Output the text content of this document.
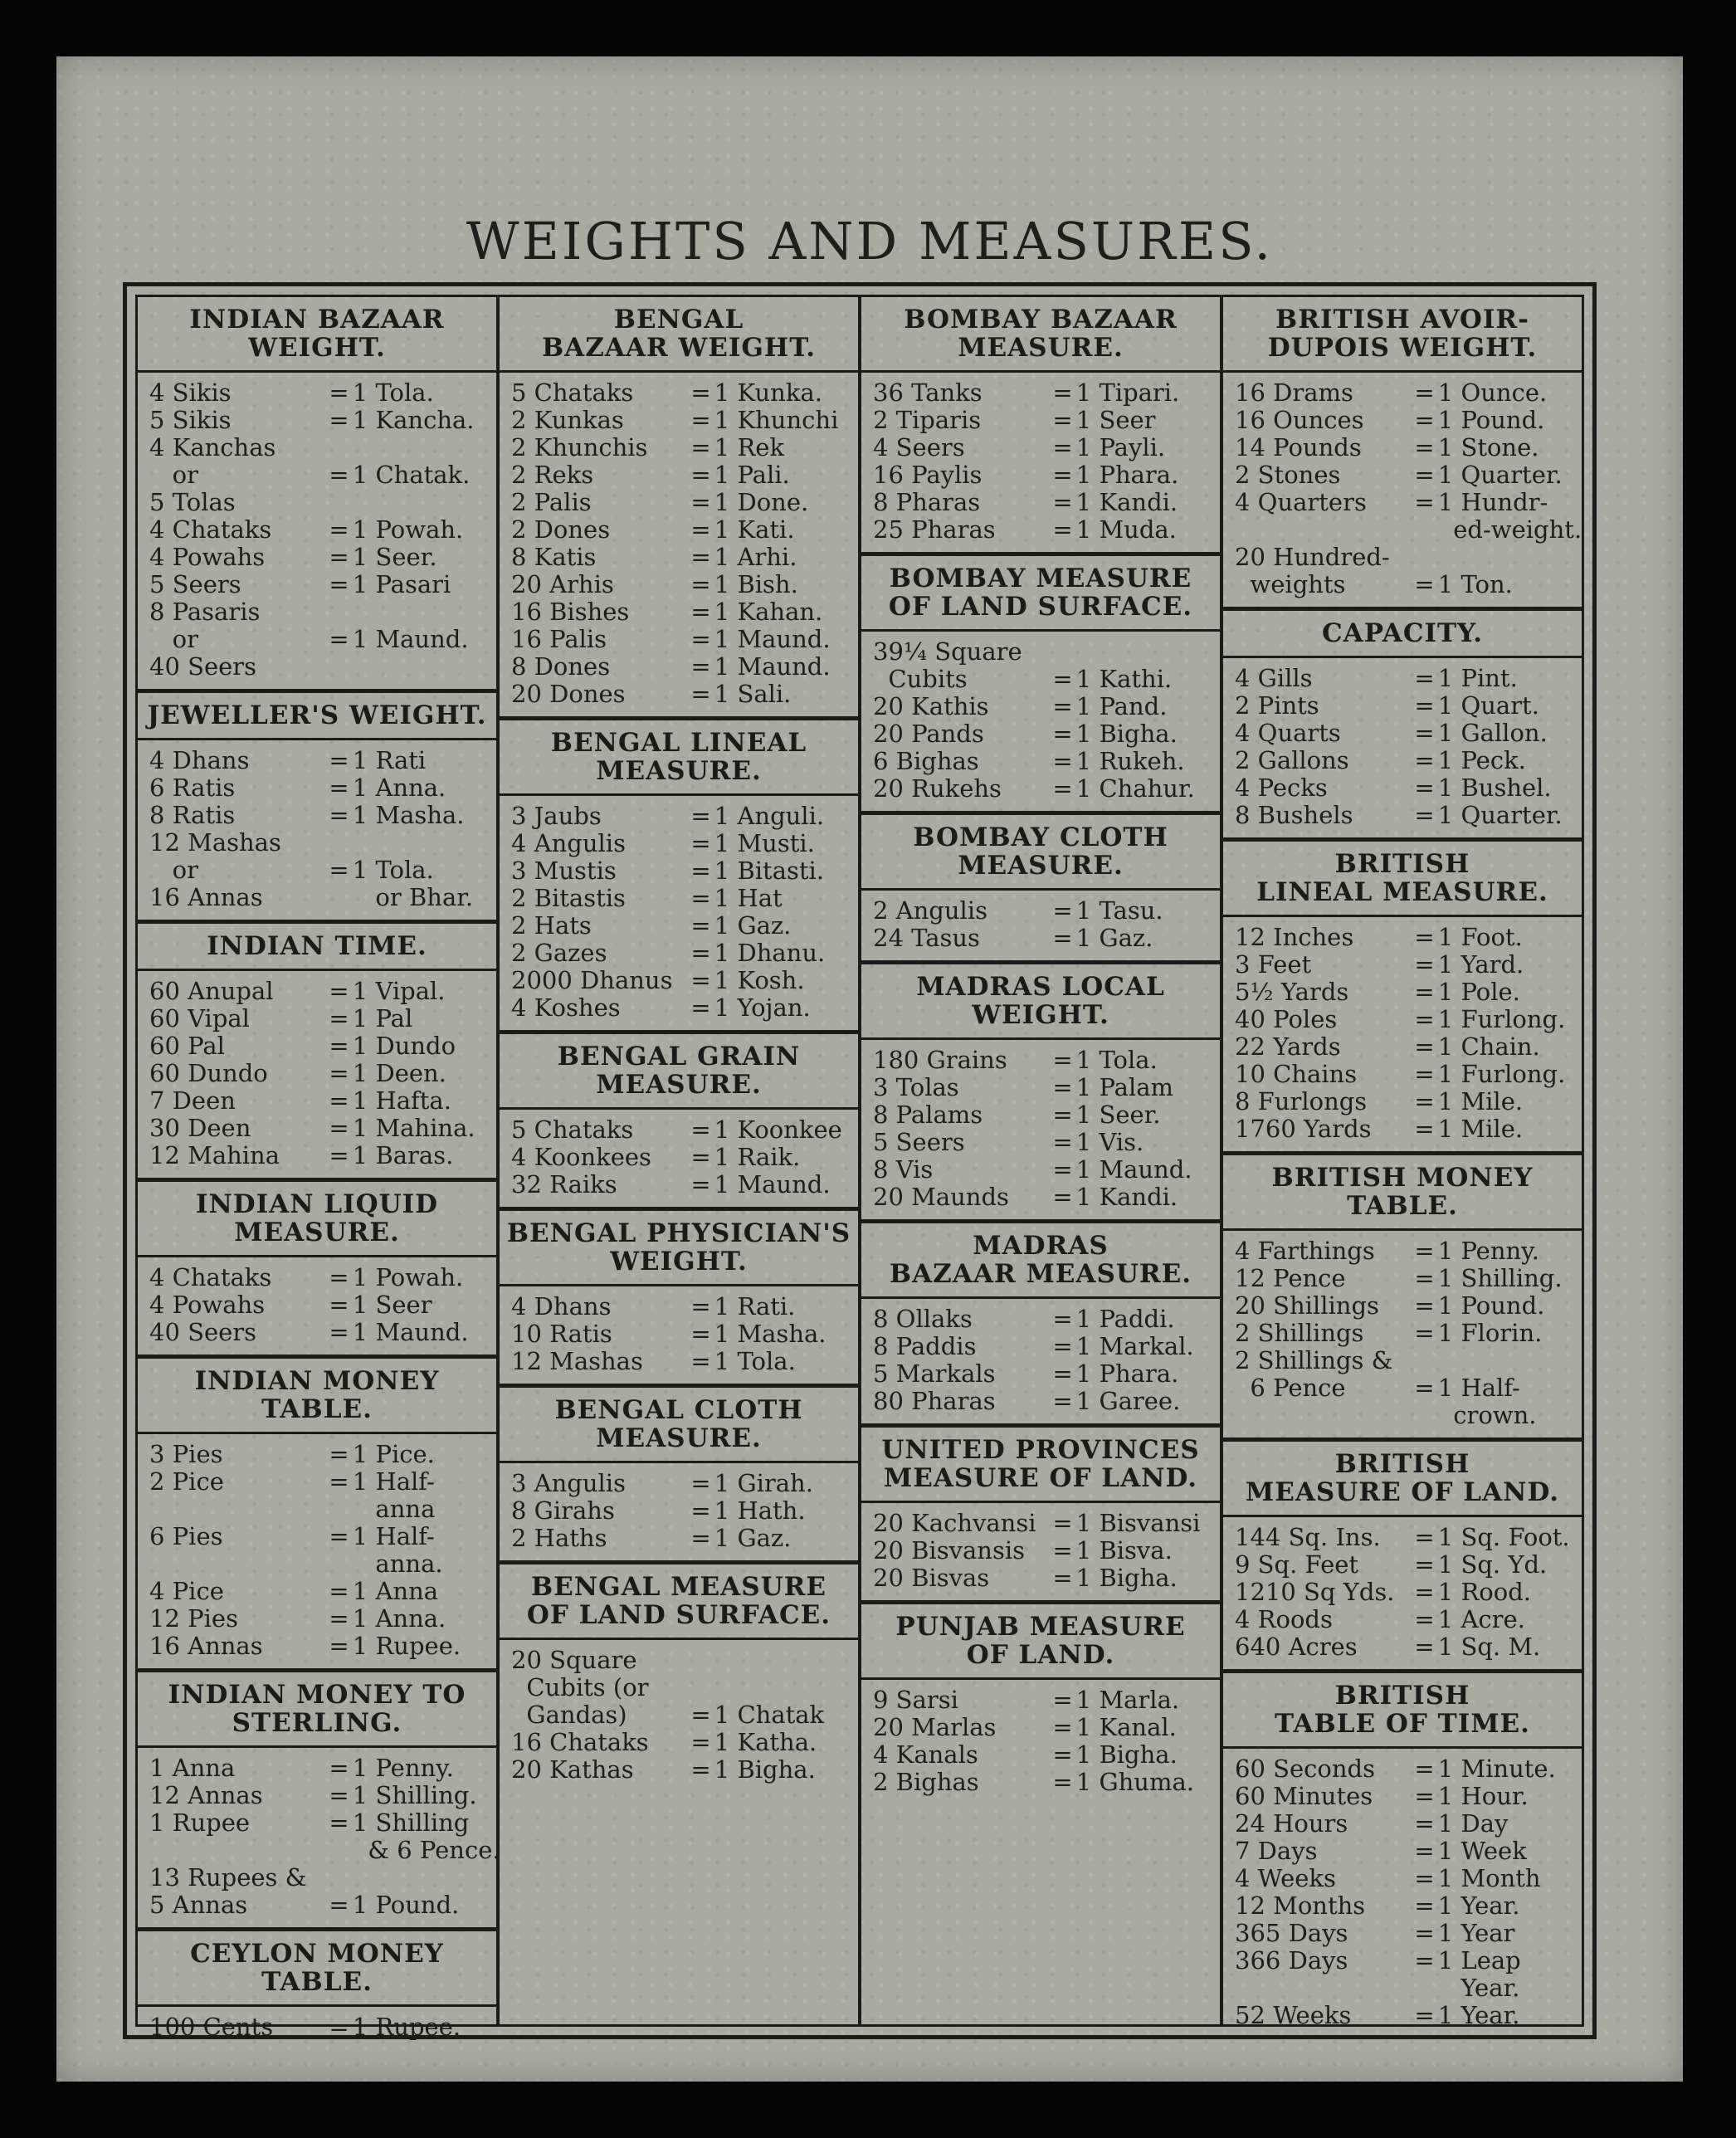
WEIGHTS AND MEASURES.
INDIAN BAZAAR
WEIGHT.
4 Sikis	= 1 Tola.
5 Sikis	= 1 Kancha.
4 Kanchas
or	= 1 Chatak.
5 Tolas
4 Chataks	= 1 Powah.
4 Powahs	= 1 Seer.
5 Seers	= 1 Pasari
8 Pasaris
or	= 1 Maund.
40 Seers
JEWELLER'S WEIGHT.
4 Dhans	= 1 Rati
6 Ratis	= 1 Anna.
8 Ratis	= 1 Masha.
12 Mashas
or	= 1 Tola.
16 Annas	or Bhar.
INDIAN TIME.
60 Anupal	= 1 Vipal.
60 Vipal	= 1 Pal
60 Pal	= 1 Dundo
60 Dundo	= 1 Deen.
7 Deen	= 1 Hafta.
30 Deen	= 1 Mahina.
12 Mahina	= 1 Baras.
INDIAN LIQUID
MEASURE.
4 Chataks	= 1 Powah.
4 Powahs	= 1 Seer
40 Seers	= 1 Maund.
INDIAN MONEY
TABLE.
3 Pies	= 1 Pice.
2 Pice	= 1 Half-
anna
6 Pies	= 1 Half-
anna.
4 Pice	= 1 Anna
12 Pies	= 1 Anna.
16 Annas	= 1 Rupee.
INDIAN MONEY TO
STERLING.
1 Anna	= 1 Penny.
12 Annas	= 1 Shilling.
1 Rupee	= 1 Shilling
& 6 Pence.
13 Rupees &
5 Annas	= 1 Pound.
CEYLON MONEY
TABLE.
100 Cents	= 1 Rupee.
BENGAL
BAZAAR WEIGHT.
5 Chataks	= 1 Kunka.
2 Kunkas	= 1 Khunchi
2 Khunchis	= 1 Rek
2 Reks	= 1 Pali.
2 Palis	= 1 Done.
2 Dones	= 1 Kati.
8 Katis	= 1 Arhi.
20 Arhis	= 1 Bish.
16 Bishes	= 1 Kahan.
16 Palis	= 1 Maund.
8 Dones	= 1 Maund.
20 Dones	= 1 Sali.
BENGAL LINEAL
MEASURE.
3 Jaubs	= 1 Anguli.
4 Angulis	= 1 Musti.
3 Mustis	= 1 Bitasti.
2 Bitastis	= 1 Hat
2 Hats	= 1 Gaz.
2 Gazes	= 1 Dhanu.
2000 Dhanus = 1 Kosh.
4 Koshes	= 1 Yojan.
BENGAL GRAIN
MEASURE.
5 Chataks	= 1 Koonkee
4 Koonkees	= 1 Raik.
32 Raiks	= 1 Maund.
BENGAL PHYSICIAN'S
WEIGHT.
4 Dhans	= 1 Rati.
10 Ratis	= 1 Masha.
12 Mashas	= 1 Tola.
BENGAL CLOTH
MEASURE.
3 Angulis	= 1 Girah.
8 Girahs	= 1 Hath.
2 Haths	= 1 Gaz.
BENGAL MEASURE
OF LAND SURFACE.
20 Square
Cubits (or
Gandas)	= 1 Chatak
16 Chataks	= 1 Katha.
20 Kathas	= 1 Bigha.
BOMBAY BAZAAR
MEASURE.
36 Tanks	= 1 Tipari.
2 Tiparis	= 1 Seer
4 Seers	= 1 Payli.
16 Paylis	= 1 Phara.
8 Pharas	= 1 Kandi.
25 Pharas	= 1 Muda.
BOMBAY MEASURE
OF LAND SURFACE.
39¼ Square
Cubits	= 1 Kathi.
20 Kathis	= 1 Pand.
20 Pands	= 1 Bigha.
6 Bighas	= 1 Rukeh.
20 Rukehs	= 1 Chahur.
BOMBAY CLOTH
MEASURE.
2 Angulis	= 1 Tasu.
24 Tasus	= 1 Gaz.
MADRAS LOCAL
WEIGHT.
180 Grains	= 1 Tola.
3 Tolas	= 1 Palam
8 Palams	= 1 Seer.
5 Seers	= 1 Vis.
8 Vis	= 1 Maund.
20 Maunds	= 1 Kandi.
MADRAS
BAZAAR MEASURE.
8 Ollaks	= 1 Paddi.
8 Paddis	= 1 Markal.
5 Markals	= 1 Phara.
80 Pharas	= 1 Garee.
UNITED PROVINCES
MEASURE OF LAND.
20 Kachvansi = 1 Bisvansi
20 Bisvansis	= 1 Bisva.
20 Bisvas	= 1 Bigha.
PUNJAB MEASURE
OF LAND.
9 Sarsi	= 1 Marla.
20 Marlas	= 1 Kanal.
4 Kanals	= 1 Bigha.
2 Bighas	= 1 Ghuma.
BRITISH AVOIR-
DUPOIS WEIGHT.
16 Drams	= 1 Ounce.
16 Ounces	= 1 Pound.
14 Pounds	= 1 Stone.
2 Stones	= 1 Quarter.
4 Quarters	= 1 Hundr-
ed-weight.
20 Hundred-
weights	= 1 Ton.
CAPACITY.
4 Gills	= 1 Pint.
2 Pints	= 1 Quart.
4 Quarts	= 1 Gallon.
2 Gallons	= 1 Peck.
4 Pecks	= 1 Bushel.
8 Bushels	= 1 Quarter.
BRITISH
LINEAL MEASURE.
12 Inches	= 1 Foot.
3 Feet	= 1 Yard.
5½ Yards	= 1 Pole.
40 Poles	= 1 Furlong.
22 Yards	= 1 Chain.
10 Chains	= 1 Furlong.
8 Furlongs	= 1 Mile.
1760 Yards	= 1 Mile.
BRITISH MONEY
TABLE.
4 Farthings	= 1 Penny.
12 Pence	= 1 Shilling.
20 Shillings	= 1 Pound.
2 Shillings	= 1 Florin.
2 Shillings &
6 Pence	= 1 Half-
crown.
BRITISH
MEASURE OF LAND.
144 Sq. Ins.	= 1 Sq. Foot.
9 Sq. Feet	= 1 Sq. Yd.
1210 Sq Yds. = 1 Rood.
4 Roods	= 1 Acre.
640 Acres	= 1 Sq. M.
BRITISH
TABLE OF TIME.
60 Seconds	= 1 Minute.
60 Minutes	= 1 Hour.
24 Hours	= 1 Day
7 Days	= 1 Week
4 Weeks	= 1 Month
12 Months	= 1 Year.
365 Days	= 1 Year
366 Days	= 1 Leap
Year.
52 Weeks	= 1 Year.
